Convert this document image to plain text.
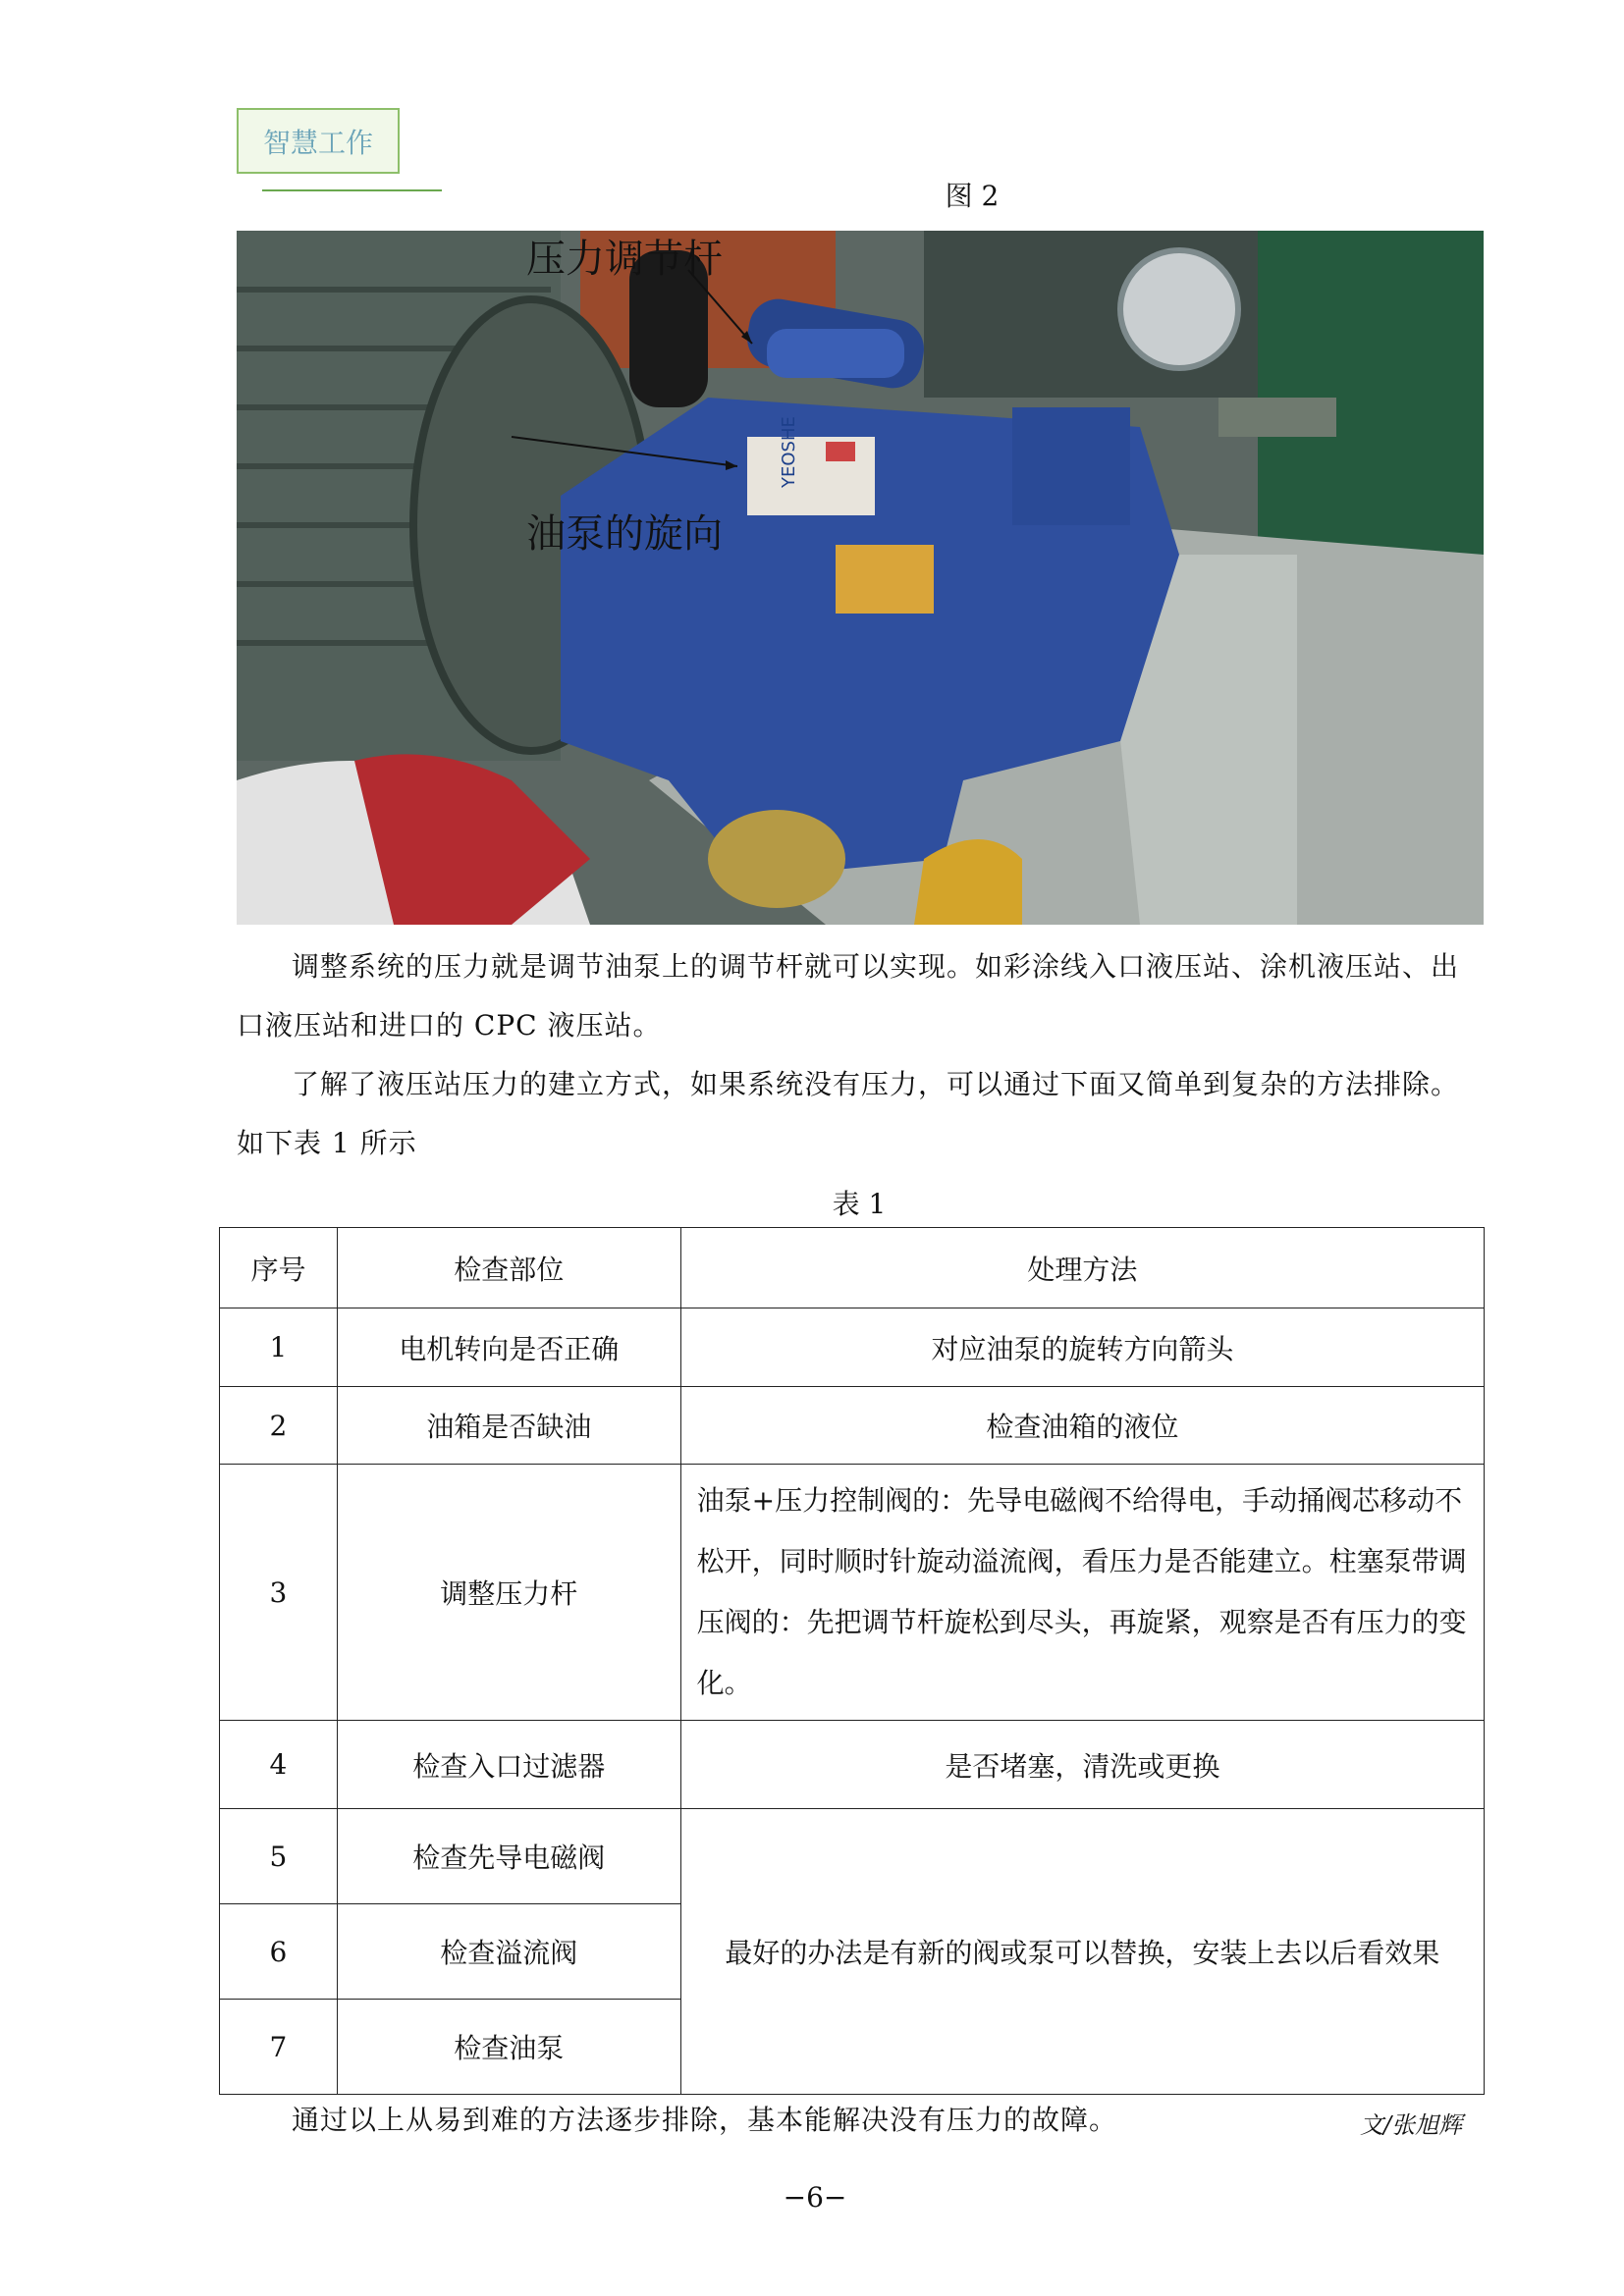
智慧工作
图 2
YEOSHE
压力调节杆
油泵的旋向

调整系统的压力就是调节油泵上的调节杆就可以实现。如彩涂线入口液压站、涂机液压站、出口液压站和进口的 CPC 液压站。

了解了液压站压力的建立方式，如果系统没有压力，可以通过下面又简单到复杂的方法排除。如下表 1 所示

表 1
序号	检查部位	处理方法
1	电机转向是否正确	对应油泵的旋转方向箭头
2	油箱是否缺油	检查油箱的液位
3	调整压力杆	油泵+压力控制阀的：先导电磁阀不给得电，手动捅阀芯移动不松开，同时顺时针旋动溢流阀，看压力是否能建立。柱塞泵带调压阀的：先把调节杆旋松到尽头，再旋紧，观察是否有压力的变化。
4	检查入口过滤器	是否堵塞，清洗或更换
5	检查先导电磁阀	最好的办法是有新的阀或泵可以替换，安装上去以后看效果
6	检查溢流阀	
7	检查油泵	

通过以上从易到难的方法逐步排除，基本能解决没有压力的故障。	文/张旭辉
−6−
